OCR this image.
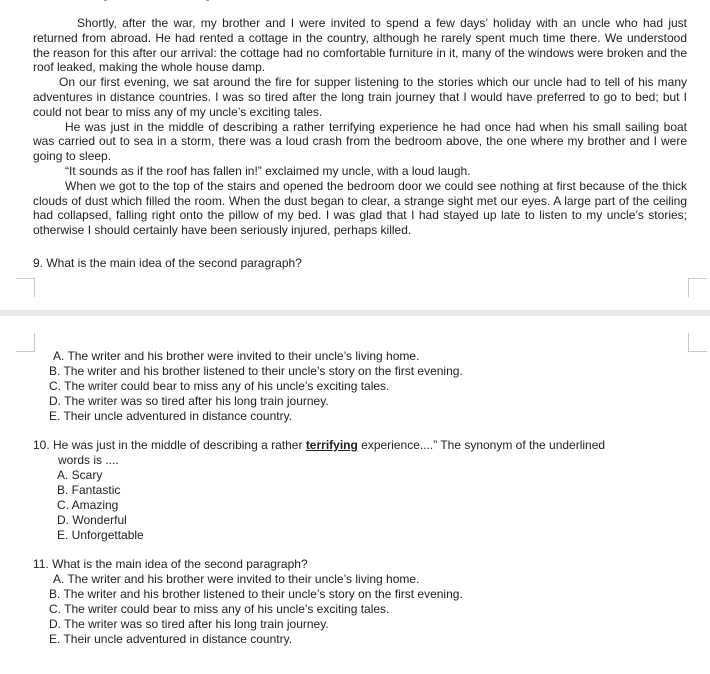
Shortly, after the war, my brother and I were invited to spend a few days’ holiday with an uncle who had just returned from abroad. He had rented a cottage in the country, although he rarely spent much time there. We understood the reason for this after our arrival: the cottage had no comfortable furniture in it, many of the windows were broken and the roof leaked, making the whole house damp.

On our first evening, we sat around the fire for supper listening to the stories which our uncle had to tell of his many adventures in distance countries. I was so tired after the long train journey that I would have preferred to go to bed; but I could not bear to miss any of my uncle’s exciting tales.

He was just in the middle of describing a rather terrifying experience he had once had when his small sailing boat was carried out to sea in a storm, there was a loud crash from the bedroom above, the one where my brother and I were going to sleep.

“It sounds as if the roof has fallen in!” exclaimed my uncle, with a loud laugh.

When we got to the top of the stairs and opened the bedroom door we could see nothing at first because of the thick clouds of dust which filled the room. When the dust began to clear, a strange sight met our eyes. A large part of the ceiling had collapsed, falling right onto the pillow of my bed. I was glad that I had stayed up late to listen to my uncle’s stories; otherwise I should certainly have been seriously injured, perhaps killed.

9. What is the main idea of the second paragraph?

A. The writer and his brother were invited to their uncle’s living home.
B. The writer and his brother listened to their uncle’s story on the first evening.
C. The writer could bear to miss any of his uncle’s exciting tales.
D. The writer was so tired after his long train journey.
E. Their uncle adventured in distance country.

10. He was just in the middle of describing a rather terrifying experience....” The synonym of the underlined
words is ....

A. Scary
B. Fantastic
C. Amazing
D. Wonderful
E. Unforgettable

11. What is the main idea of the second paragraph?

A. The writer and his brother were invited to their uncle’s living home.
B. The writer and his brother listened to their uncle’s story on the first evening.
C. The writer could bear to miss any of his uncle’s exciting tales.
D. The writer was so tired after his long train journey.
E. Their uncle adventured in distance country.
